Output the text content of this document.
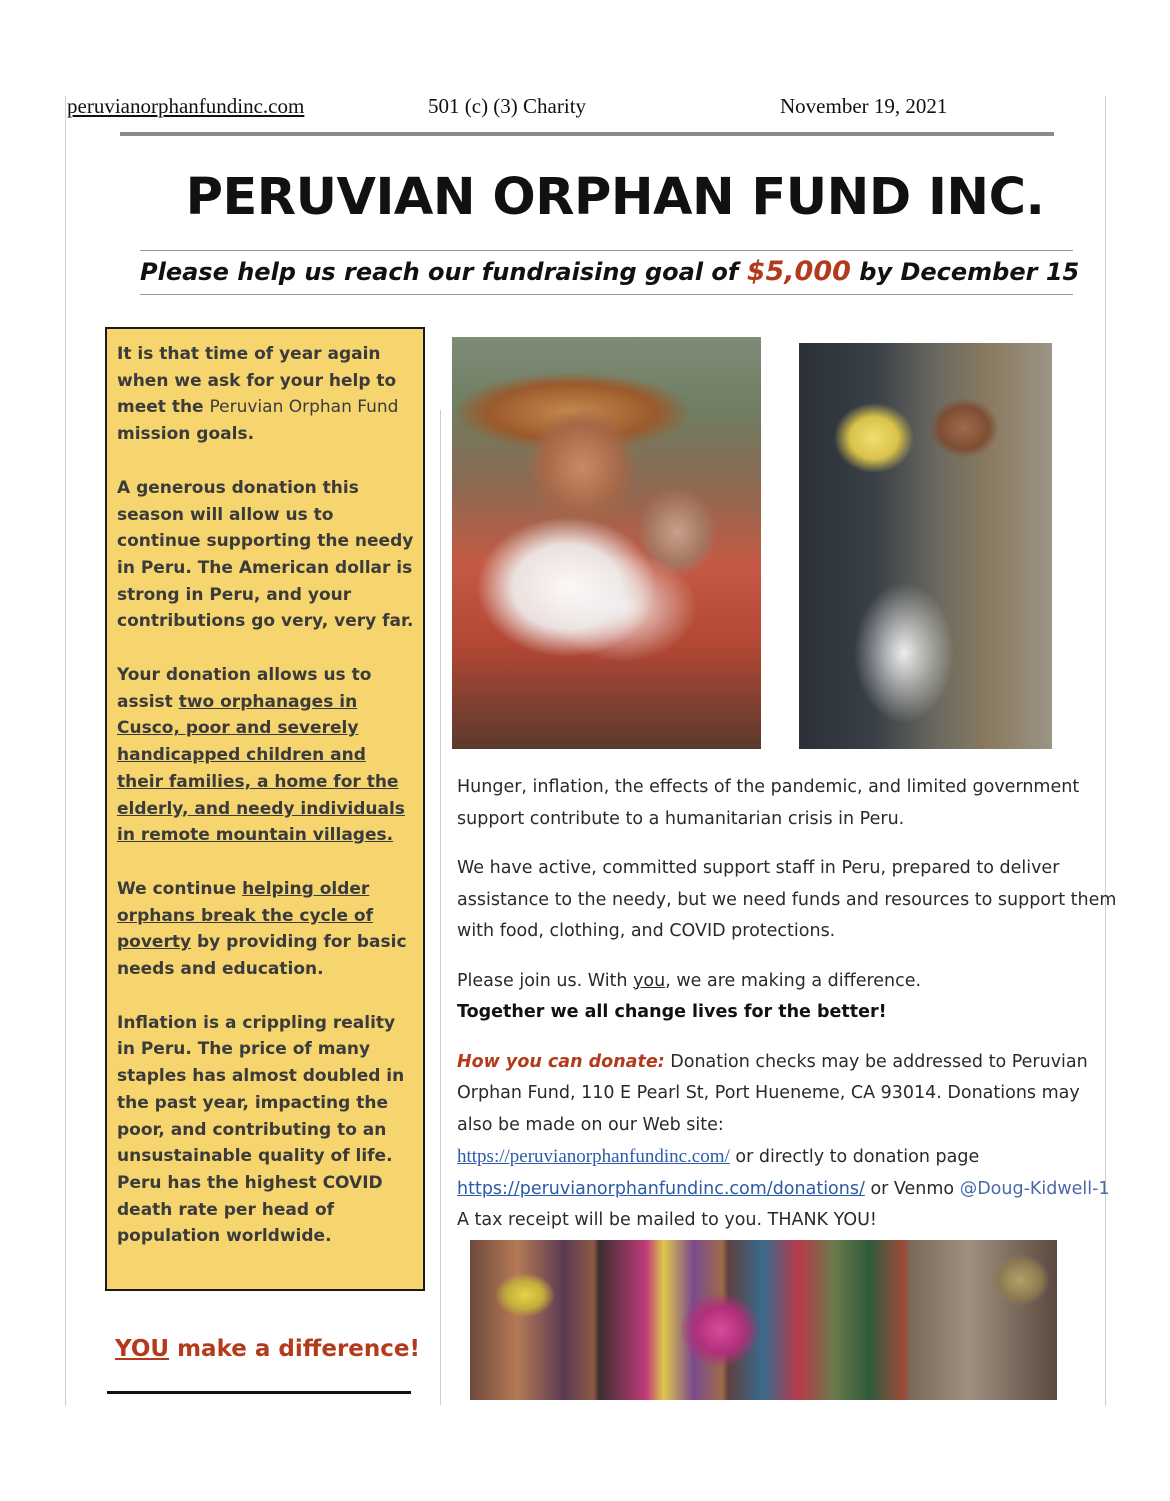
peruvianorphanfundinc.com	501 (c) (3) Charity	November 19, 2021
PERUVIAN ORPHAN FUND INC.
Please help us reach our fundraising goal of $5,000 by December 15

It is that time of year again when we ask for your help to meet the Peruvian Orphan Fund mission goals.

A generous donation this season will allow us to continue supporting the needy in Peru. The American dollar is strong in Peru, and your contributions go very, very far.

Your donation allows us to assist two orphanages in Cusco, poor and severely handicapped children and their families, a home for the elderly, and needy individuals in remote mountain villages.

We continue helping older orphans break the cycle of poverty by providing for basic needs and education.

Inflation is a crippling reality in Peru. The price of many staples has almost doubled in the past year, impacting the poor, and contributing to an unsustainable quality of life. Peru has the highest COVID death rate per head of population worldwide.

YOU make a difference!

Hunger, inflation, the effects of the pandemic, and limited government support contribute to a humanitarian crisis in Peru.

We have active, committed support staff in Peru, prepared to deliver assistance to the needy, but we need funds and resources to support them with food, clothing, and COVID protections.

Please join us. With you, we are making a difference.

Together we all change lives for the better!

How you can donate: Donation checks may be addressed to Peruvian Orphan Fund, 110 E Pearl St, Port Hueneme, CA 93014. Donations may also be made on our Web site:

https://peruvianorphanfundinc.com/ or directly to donation page

https://peruvianorphanfundinc.com/donations/ or Venmo @Doug-Kidwell-1

A tax receipt will be mailed to you. THANK YOU!
